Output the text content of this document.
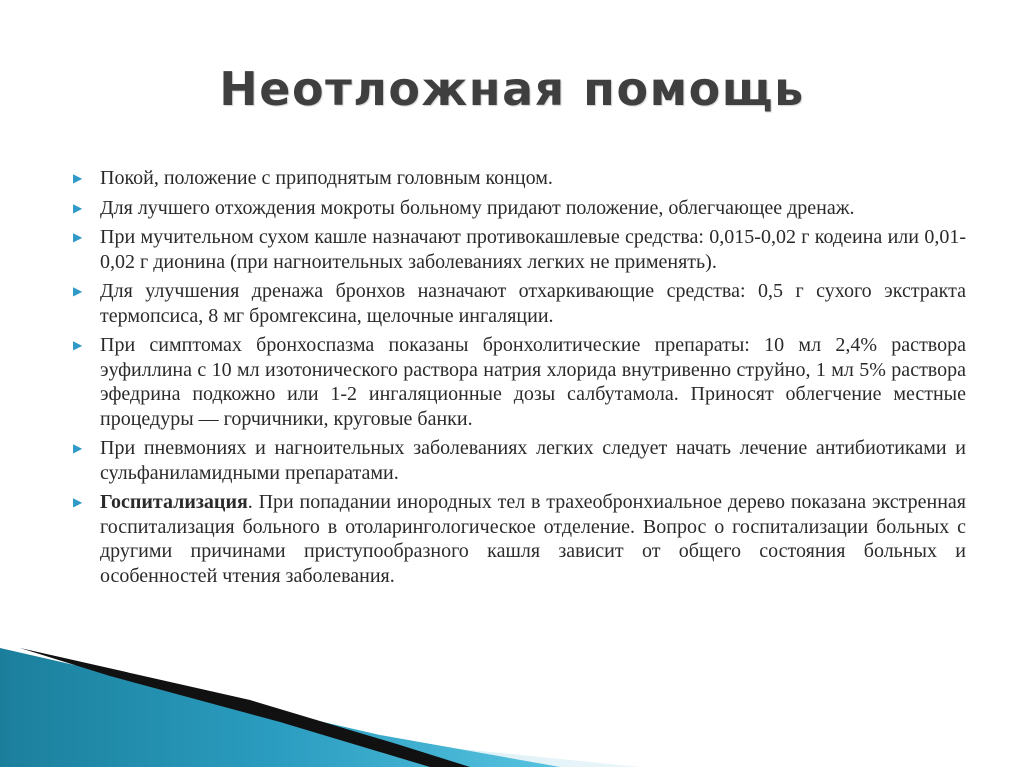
Неотложная помощь
▶ Покой, положение с приподнятым головным концом.
▶ Для лучшего отхождения мокроты больному придают положение, облегчающее дренаж.
▶ При мучительном сухом кашле назначают противокашлевые средства: 0,015-0,02 г кодеина или 0,01-0,02 г дионина (при нагноительных заболеваниях легких не применять).
▶ Для улучшения дренажа бронхов назначают отхаркивающие средства: 0,5 г сухого экстракта термопсиса, 8 мг бромгексина, щелочные ингаляции.
▶ При симптомах бронхоспазма показаны бронхолитические препараты: 10 мл 2,4% раствора эуфиллина с 10 мл изотонического раствора натрия хлорида внутривенно струйно, 1 мл 5% раствора эфедрина подкожно или 1-2 ингаляционные дозы салбутамола. Приносят облегчение местные процедуры — горчичники, круговые банки.
▶ При пневмониях и нагноительных заболеваниях легких следует начать лечение антибиотиками и сульфаниламидными препаратами.
▶ Госпитализация. При попадании инородных тел в трахеобронхиальное дерево показана экстренная госпитализация больного в отоларингологическое отделение. Вопрос о госпитализации больных с другими причинами приступообразного кашля зависит от общего состояния больных и особенностей чтения заболевания.
